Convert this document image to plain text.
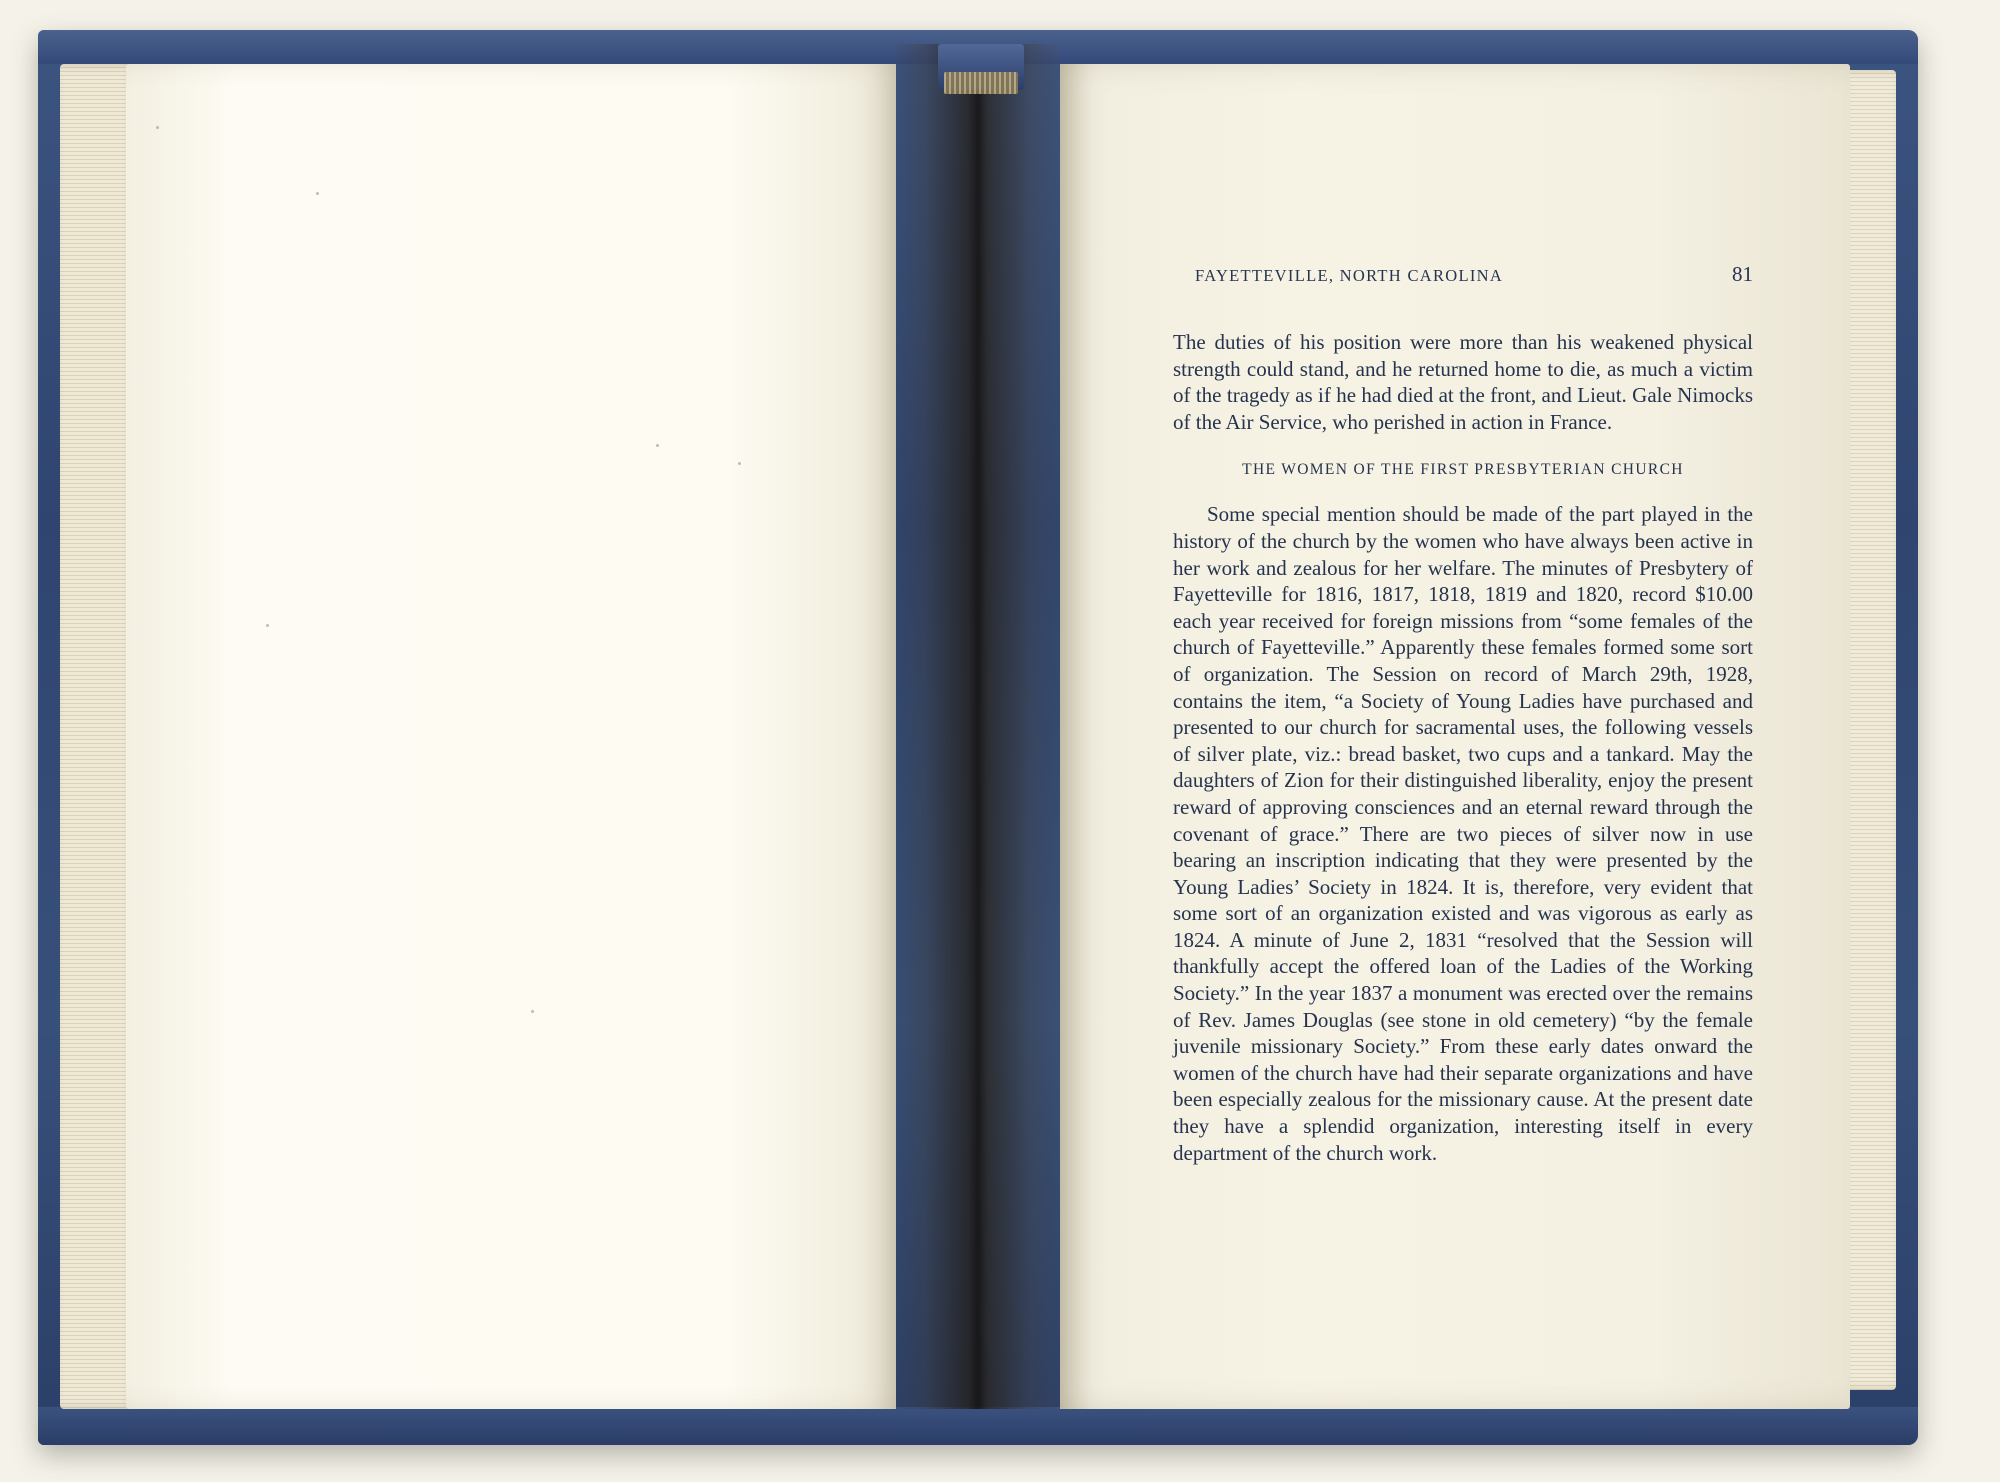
FAYETTEVILLE, NORTH CAROLINA	81

The duties of his position were more than his weakened physical strength could stand, and he returned home to die, as much a victim of the tragedy as if he had died at the front, and Lieut. Gale Nimocks of the Air Service, who perished in action in France.

THE WOMEN OF THE FIRST PRESBYTERIAN CHURCH

Some special mention should be made of the part played in the history of the church by the women who have always been active in her work and zealous for her welfare. The minutes of Presbytery of Fayetteville for 1816, 1817, 1818, 1819 and 1820, record $10.00 each year received for foreign missions from “some females of the church of Fayetteville.” Apparently these females formed some sort of organization. The Session on record of March 29th, 1928, contains the item, “a Society of Young Ladies have purchased and presented to our church for sacramental uses, the following vessels of silver plate, viz.: bread basket, two cups and a tankard. May the daughters of Zion for their distinguished liberality, enjoy the present reward of approving consciences and an eternal reward through the covenant of grace.” There are two pieces of silver now in use bearing an inscription indicating that they were presented by the Young Ladies’ Society in 1824. It is, therefore, very evident that some sort of an organization existed and was vigorous as early as 1824. A minute of June 2, 1831 “resolved that the Session will thankfully accept the offered loan of the Ladies of the Working Society.” In the year 1837 a monument was erected over the remains of Rev. James Douglas (see stone in old cemetery) “by the female juvenile missionary Society.” From these early dates onward the women of the church have had their separate organizations and have been especially zealous for the missionary cause. At the present date they have a splendid organization, interesting itself in every department of the church work.
